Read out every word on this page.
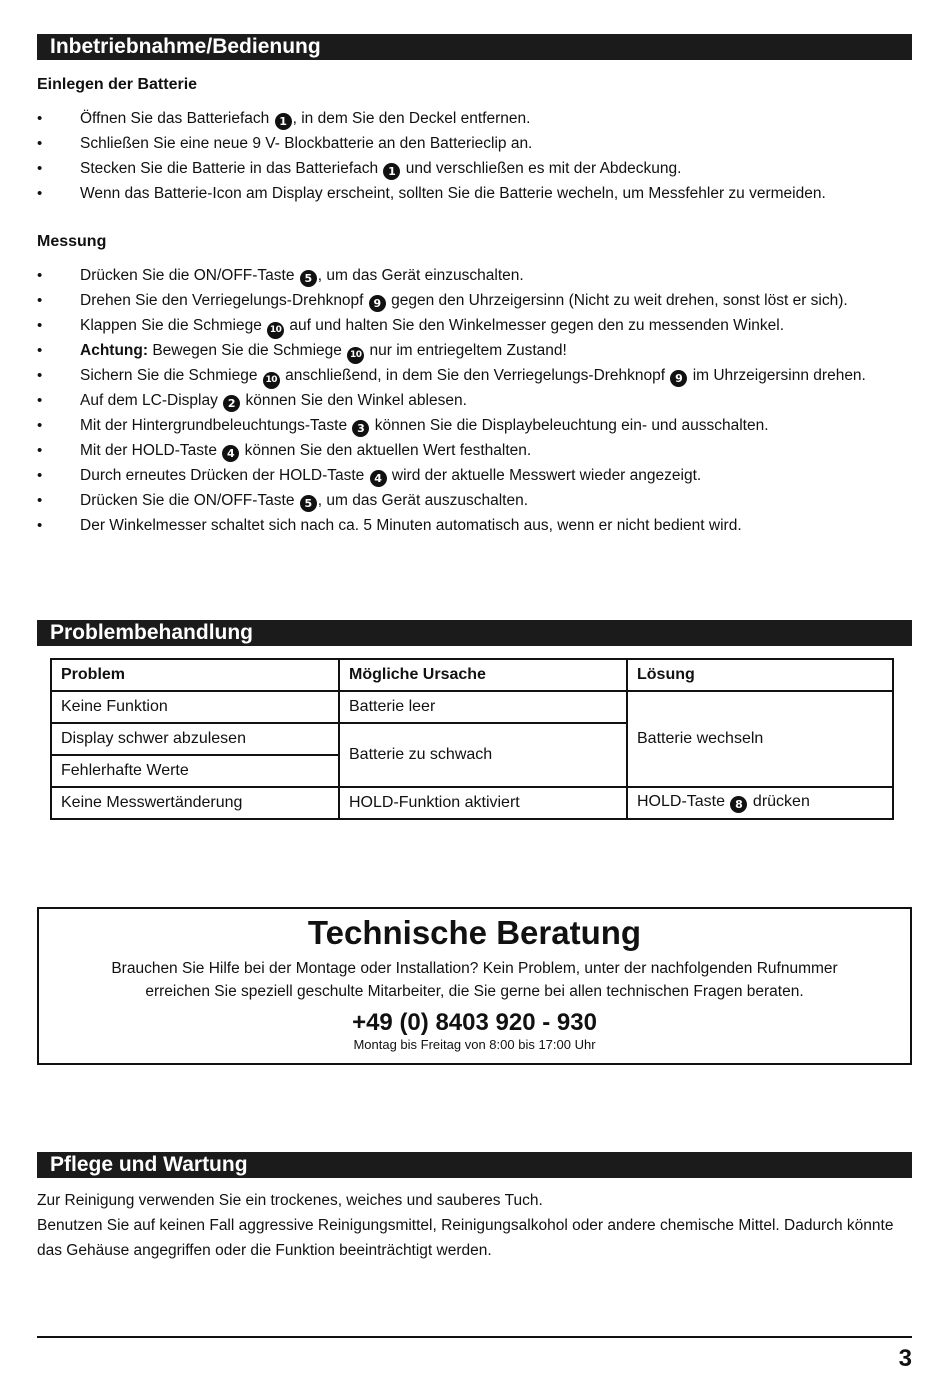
Inbetriebnahme/Bedienung
Einlegen der Batterie
• Öffnen Sie das Batteriefach 1 , in dem Sie den Deckel entfernen.
• Schließen Sie eine neue 9 V- Blockbatterie an den Batterieclip an.
• Stecken Sie die Batterie in das Batteriefach 1 und verschließen es mit der Abdeckung.
• Wenn das Batterie-Icon am Display erscheint, sollten Sie die Batterie wecheln, um Messfehler zu vermeiden.
Messung
• Drücken Sie die ON/OFF-Taste 5 , um das Gerät einzuschalten.
• Drehen Sie den Verriegelungs-Drehknopf 9 gegen den Uhrzeigersinn (Nicht zu weit drehen, sonst löst er sich).
• Klappen Sie die Schmiege 10 auf und halten Sie den Winkelmesser gegen den zu messenden Winkel.
• Achtung: Bewegen Sie die Schmiege 10 nur im entriegeltem Zustand!
• Sichern Sie die Schmiege 10 anschließend, in dem Sie den Verriegelungs-Drehknopf 9 im Uhrzeigersinn drehen.
• Auf dem LC-Display 2 können Sie den Winkel ablesen.
• Mit der Hintergrundbeleuchtungs-Taste 3 können Sie die Displaybeleuchtung ein- und ausschalten.
• Mit der HOLD-Taste 4 können Sie den aktuellen Wert festhalten.
• Durch erneutes Drücken der HOLD-Taste 4 wird der aktuelle Messwert wieder angezeigt.
• Drücken Sie die ON/OFF-Taste 5 , um das Gerät auszuschalten.
• Der Winkelmesser schaltet sich nach ca. 5 Minuten automatisch aus, wenn er nicht bedient wird.
Problembehandlung
Problem	Mögliche Ursache	Lösung
Keine Funktion	Batterie leer	Batterie wechseln
Display schwer abzulesen	Batterie zu schwach	
Fehlerhafte Werte		
Keine Messwertänderung	HOLD-Funktion aktiviert	HOLD-Taste 8 drücken
Technische Beratung
Brauchen Sie Hilfe bei der Montage oder Installation? Kein Problem, unter der nachfolgenden Rufnummer
erreichen Sie speziell geschulte Mitarbeiter, die Sie gerne bei allen technischen Fragen beraten.
+49 (0) 8403 920 - 930
Montag bis Freitag von 8:00 bis 17:00 Uhr
Pflege und Wartung
Zur Reinigung verwenden Sie ein trockenes, weiches und sauberes Tuch.
Benutzen Sie auf keinen Fall aggressive Reinigungsmittel, Reinigungsalkohol oder andere chemische Mittel. Dadurch könnte
das Gehäuse angegriffen oder die Funktion beeinträchtigt werden.
3
